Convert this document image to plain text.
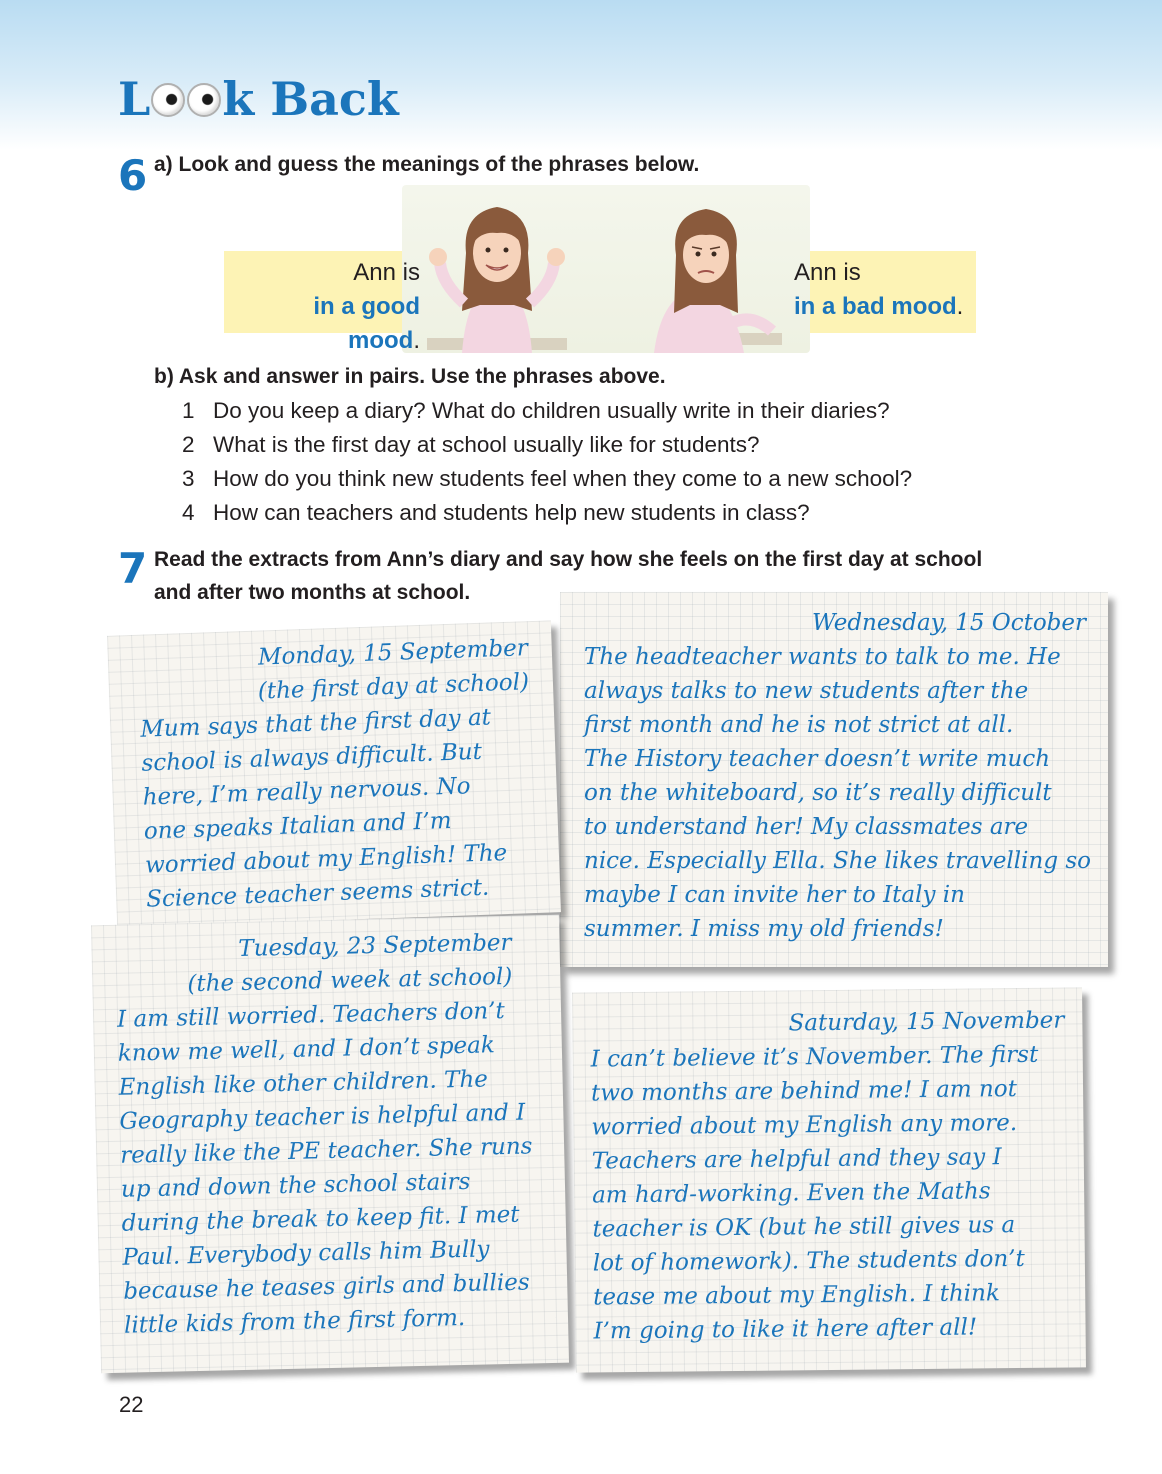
L k Back
6 a) Look and guess the meanings of the phrases below.

Ann is
in a good mood.
Ann is
in a bad mood.

b) Ask and answer in pairs. Use the phrases above.

1 Do you keep a diary? What do children usually write in their diaries?
2 What is the first day at school usually like for students?
3 How do you think new students feel when they come to a new school?
4 How can teachers and students help new students in class?
7 Read the extracts from Ann’s diary and say how she feels on the first day at school
and after two months at school.
Wednesday, 15 October

The headteacher wants to talk to me. He

always talks to new students after the

first month and he is not strict at all.

The History teacher doesn’t write much

on the whiteboard, so it’s really difficult

to understand her! My classmates are

nice. Especially Ella. She likes travelling so

maybe I can invite her to Italy in

summer. I miss my old friends!

Monday, 15 September
(the first day at school)

Mum says that the first day at

school is always difficult. But

here, I’m really nervous. No

one speaks Italian and I’m

worried about my English! The

Science teacher seems strict.

Tuesday, 23 September
(the second week at school)

I am still worried. Teachers don’t

know me well, and I don’t speak

English like other children. The

Geography teacher is helpful and I

really like the PE teacher. She runs

up and down the school stairs

during the break to keep fit. I met

Paul. Everybody calls him Bully

because he teases girls and bullies

little kids from the first form.

Saturday, 15 November

I can’t believe it’s November. The first

two months are behind me! I am not

worried about my English any more.

Teachers are helpful and they say I

am hard-working. Even the Maths

teacher is OK (but he still gives us a

lot of homework). The students don’t

tease me about my English. I think

I’m going to like it here after all!

22
